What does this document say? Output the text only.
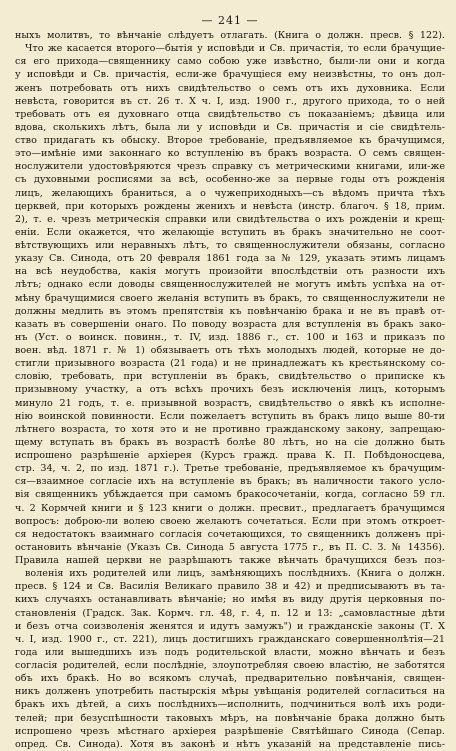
— 241 —

ныхъ молитвъ, то вѣнчаніе слѣдуетъ отлагать. (Книга о должн. пресв. § 122).

Что же касается второго—бытія у исповѣди и Св. причастія, то если брачущие-

ся его прихода—священнику само собою уже извѣстно, были-ли они и когда

у исповѣди и Св. причастія, если-же брачущіеся ему неизвѣстны, то онъ дол-

женъ потребовать отъ нихъ свидѣтельство о семъ отъ ихъ духовника. Если

невѣста, говорится въ ст. 26 т. Х ч. I, изд. 1900 г., другого прихода, то о ней

требовать отъ ея духовнаго отца свидѣтельство съ показаніемъ; дѣвица или

вдова, сколькихъ лѣтъ, была ли у исповѣди и Св. причастія и сіе свидѣтель-

ство придагать къ обыску. Второе требованіе, предъявляемое къ брачущимся,

это—имѣніе ими законнаго ко вступленію въ бракъ возраста. О семъ священ-

нослужители удостовѣряются чрезъ справку съ метрическими книгами, или-же

съ духовными росписями за всѣ, особенно-же за первые годы отъ рожденія

лицъ, желающихъ браниться, а о чужеприходныхъ—съ вѣдомъ причта тѣхъ

церквей, при которыхъ рождены женихъ и невѣста (инстр. благоч. § 18, прим.

2), т. е. чрезъ метрическія справки или свидѣтельства о ихъ рожденіи и крещ-

еніи. Если окажется, что желающіе вступить въ бракъ значительно не соот-

вѣтствующихъ или неравныхъ лѣтъ, то священнослужители обязаны, согласно

указу Св. Синода, отъ 20 февраля 1861 года за № 129, указать этимъ лицамъ

на всѣ неудобства, какія могутъ произойти впослѣдствіи отъ разности ихъ

лѣтъ; однако если доводы священнослужителей не могутъ имѣть успѣха на от-

мѣну брачущимися своего желанія вступить въ бракъ, то священнослужители не

должны медлить въ этомъ препятствія къ повѣнчанію брака и не въ правѣ от-

казать въ совершеніи онаго. По поводу возраста для вступленія въ бракъ зако-

нъ (Уст. о воинск. повинн., т. IV, изд. 1886 г., ст. 100 и 163 и приказъ по

воен. вѣд. 1871 г. № 1) обязываетъ отъ тѣхъ молодыхъ людей, которые не до-

стигли призывного возраста (21 года) и не принадлежатъ къ крестьянскому со-

словію, требовать, при вступленіи въ бракъ, свидѣтельство о приписке къ

призывному участку, а отъ всѣхъ прочихъ безъ исключенія лицъ, которымъ

минуло 21 годъ, т. е. призывной возрастъ, свидѣтельство о явкѣ къ исполне-

нію воинской повинности. Если пожелаетъ вступить въ бракъ лицо выше 80-ти

лѣтнего возраста, то хотя это и не противно гражданскому закону, запрещаю-

щему вступать въ бракъ въ возрастѣ болѣе 80 лѣтъ, но на сіе должно быть

испрошено разрѣшеніе архіерея (Курсъ гражд. права К. П. Побѣдоносцева,

стр. 34, ч. 2, по изд. 1871 г.). Третье требованіе, предъявляемое къ брачущим-

ся—взаимное согласіе ихъ на вступленіе въ бракъ; въ наличности такого усло-

вія священникъ убѣждается при самомъ бракосочетаніи, когда, согласно 59 гл.

ч. 2 Кормчей книги и § 123 книги о должн. пресвит., предлагаетъ брачущимся

вопросъ: доброю-ли волею своею желаютъ сочетаться. Если при этомъ откроет-

ся недостатокъ взаимнаго согласія сочетающихся, то священникъ долженъ прі-

остановить вѣнчаніе (Указъ Св. Синода 5 августа 1775 г., въ П. С. З. № 14356).

Правила нашей церкви не разрѣшаютъ также вѣнчать брачущихся безъ поз-

воленія ихъ родителей или лицъ, замѣняющихъ послѣднихъ. (Книга о должн.

пресв. § 124 и Св. Василія Великаго правило 38 и 42) и предписываютъ въ та-

кихъ случаяхъ останавливать вѣнчаніе; но имѣя въ виду другія церковныя по-

становленія (Градск. Зак. Кормч. гл. 48, г. 4, п. 12 и 13: „самовластные дѣти

и безъ отча соизволенія женятся и идутъ замужъ") и гражданскіе законы (Т. Х

ч. I, изд. 1900 г., ст. 221), лицъ достигшихъ гражданскаго совершеннолѣтія—21

года или вышедшихъ изъ подъ родительской власти, можно вѣнчать и безъ

согласія родителей, если послѣдніе, злоупотребляя своею властію, не заботятся

объ ихъ бракѣ. Но во всякомъ случаѣ, предварительно повѣнчанія, священ-

никъ долженъ употребить пастырскія мѣры увѣщанія родителей согласиться на

бракъ ихъ дѣтей, а сихъ послѣднихъ—исполнить, подчиниться волѣ ихъ роди-

телей; при безуспѣшности таковыхъ мѣръ, на повѣнчаніе брака должно быть

испрошено чрезъ мѣстнаго архіерея разрѣшеніе Святѣйшаго Синода (Сепар.

опред. Св. Синода). Хотя въ законѣ и нѣтъ указаній на представленіе пись-
